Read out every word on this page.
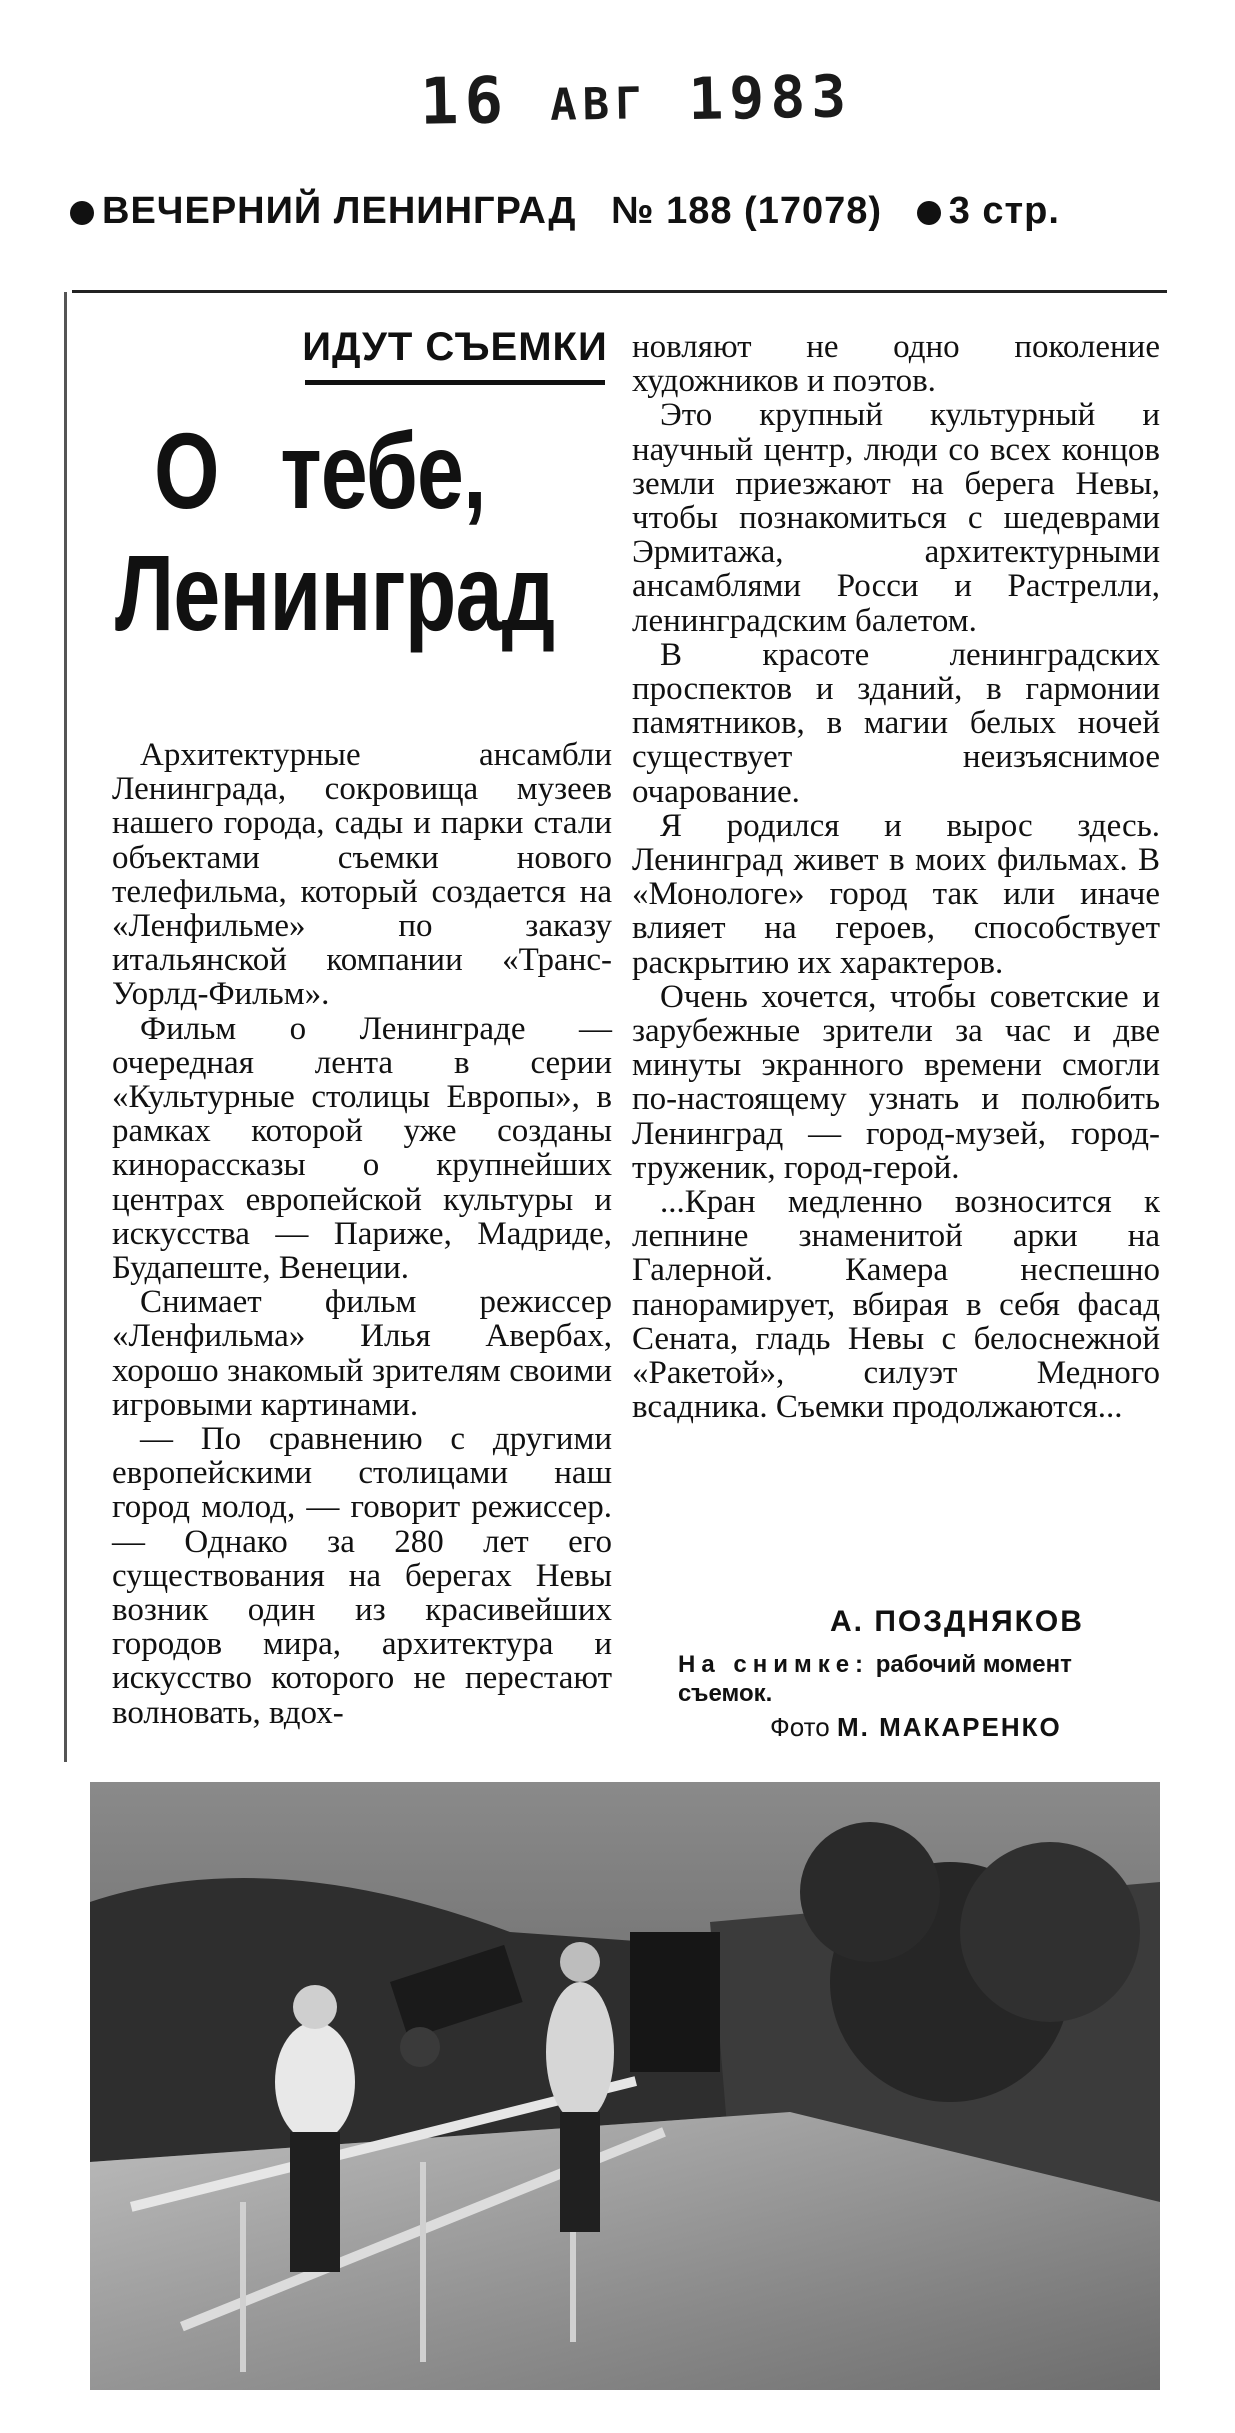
16 АВГ 1983
ВЕЧЕРНИЙ ЛЕНИНГРАД № 188 (17078) 3 стр.
ИДУТ СЪЕМКИ
О тебе,
Ленинград

Архитектурные ансамбли Ленинграда, сокровища музеев нашего города, сады и парки стали объектами съемки нового телефильма, который создается на «Ленфильме» по заказу итальянской компании «Транс-Уорлд-Фильм».

Фильм о Ленинграде — очередная лента в серии «Культурные столицы Европы», в рамках которой уже созданы кинорассказы о крупнейших центрах европейской культуры и искусства — Париже, Мадриде, Будапеште, Венеции.

Снимает фильм режиссер «Ленфильма» Илья Авербах, хорошо знакомый зрителям своими игровыми картинами.

— По сравнению с другими европейскими столицами наш город молод, — говорит режиссер. — Однако за 280 лет его существования на берегах Невы возник один из красивейших городов мира, архитектура и искусство которого не перестают волновать, вдох-

новляют не одно поколение художников и поэтов.

Это крупный культурный и научный центр, люди со всех концов земли приезжают на берега Невы, чтобы познакомиться с шедеврами Эрмитажа, архитектурными ансамблями Росси и Растрелли, ленинградским балетом.

В красоте ленинградских проспектов и зданий, в гармонии памятников, в магии белых ночей существует неизъяснимое очарование.

Я родился и вырос здесь. Ленинград живет в моих фильмах. В «Монологе» город так или иначе влияет на героев, способствует раскрытию их характеров.

Очень хочется, чтобы советские и зарубежные зрители за час и две минуты экранного времени смогли по-настоящему узнать и полюбить Ленинград — город-музей, город-труженик, город-герой.

...Кран медленно возносится к лепнине знаменитой арки на Галерной. Камера неспешно панорамирует, вбирая в себя фасад Сената, гладь Невы с белоснежной «Ракетой», силуэт Медного всадника. Съемки продолжаются...

А. ПОЗДНЯКОВ
На снимке: рабочий момент съемок.
Фото М. МАКАРЕНКО
